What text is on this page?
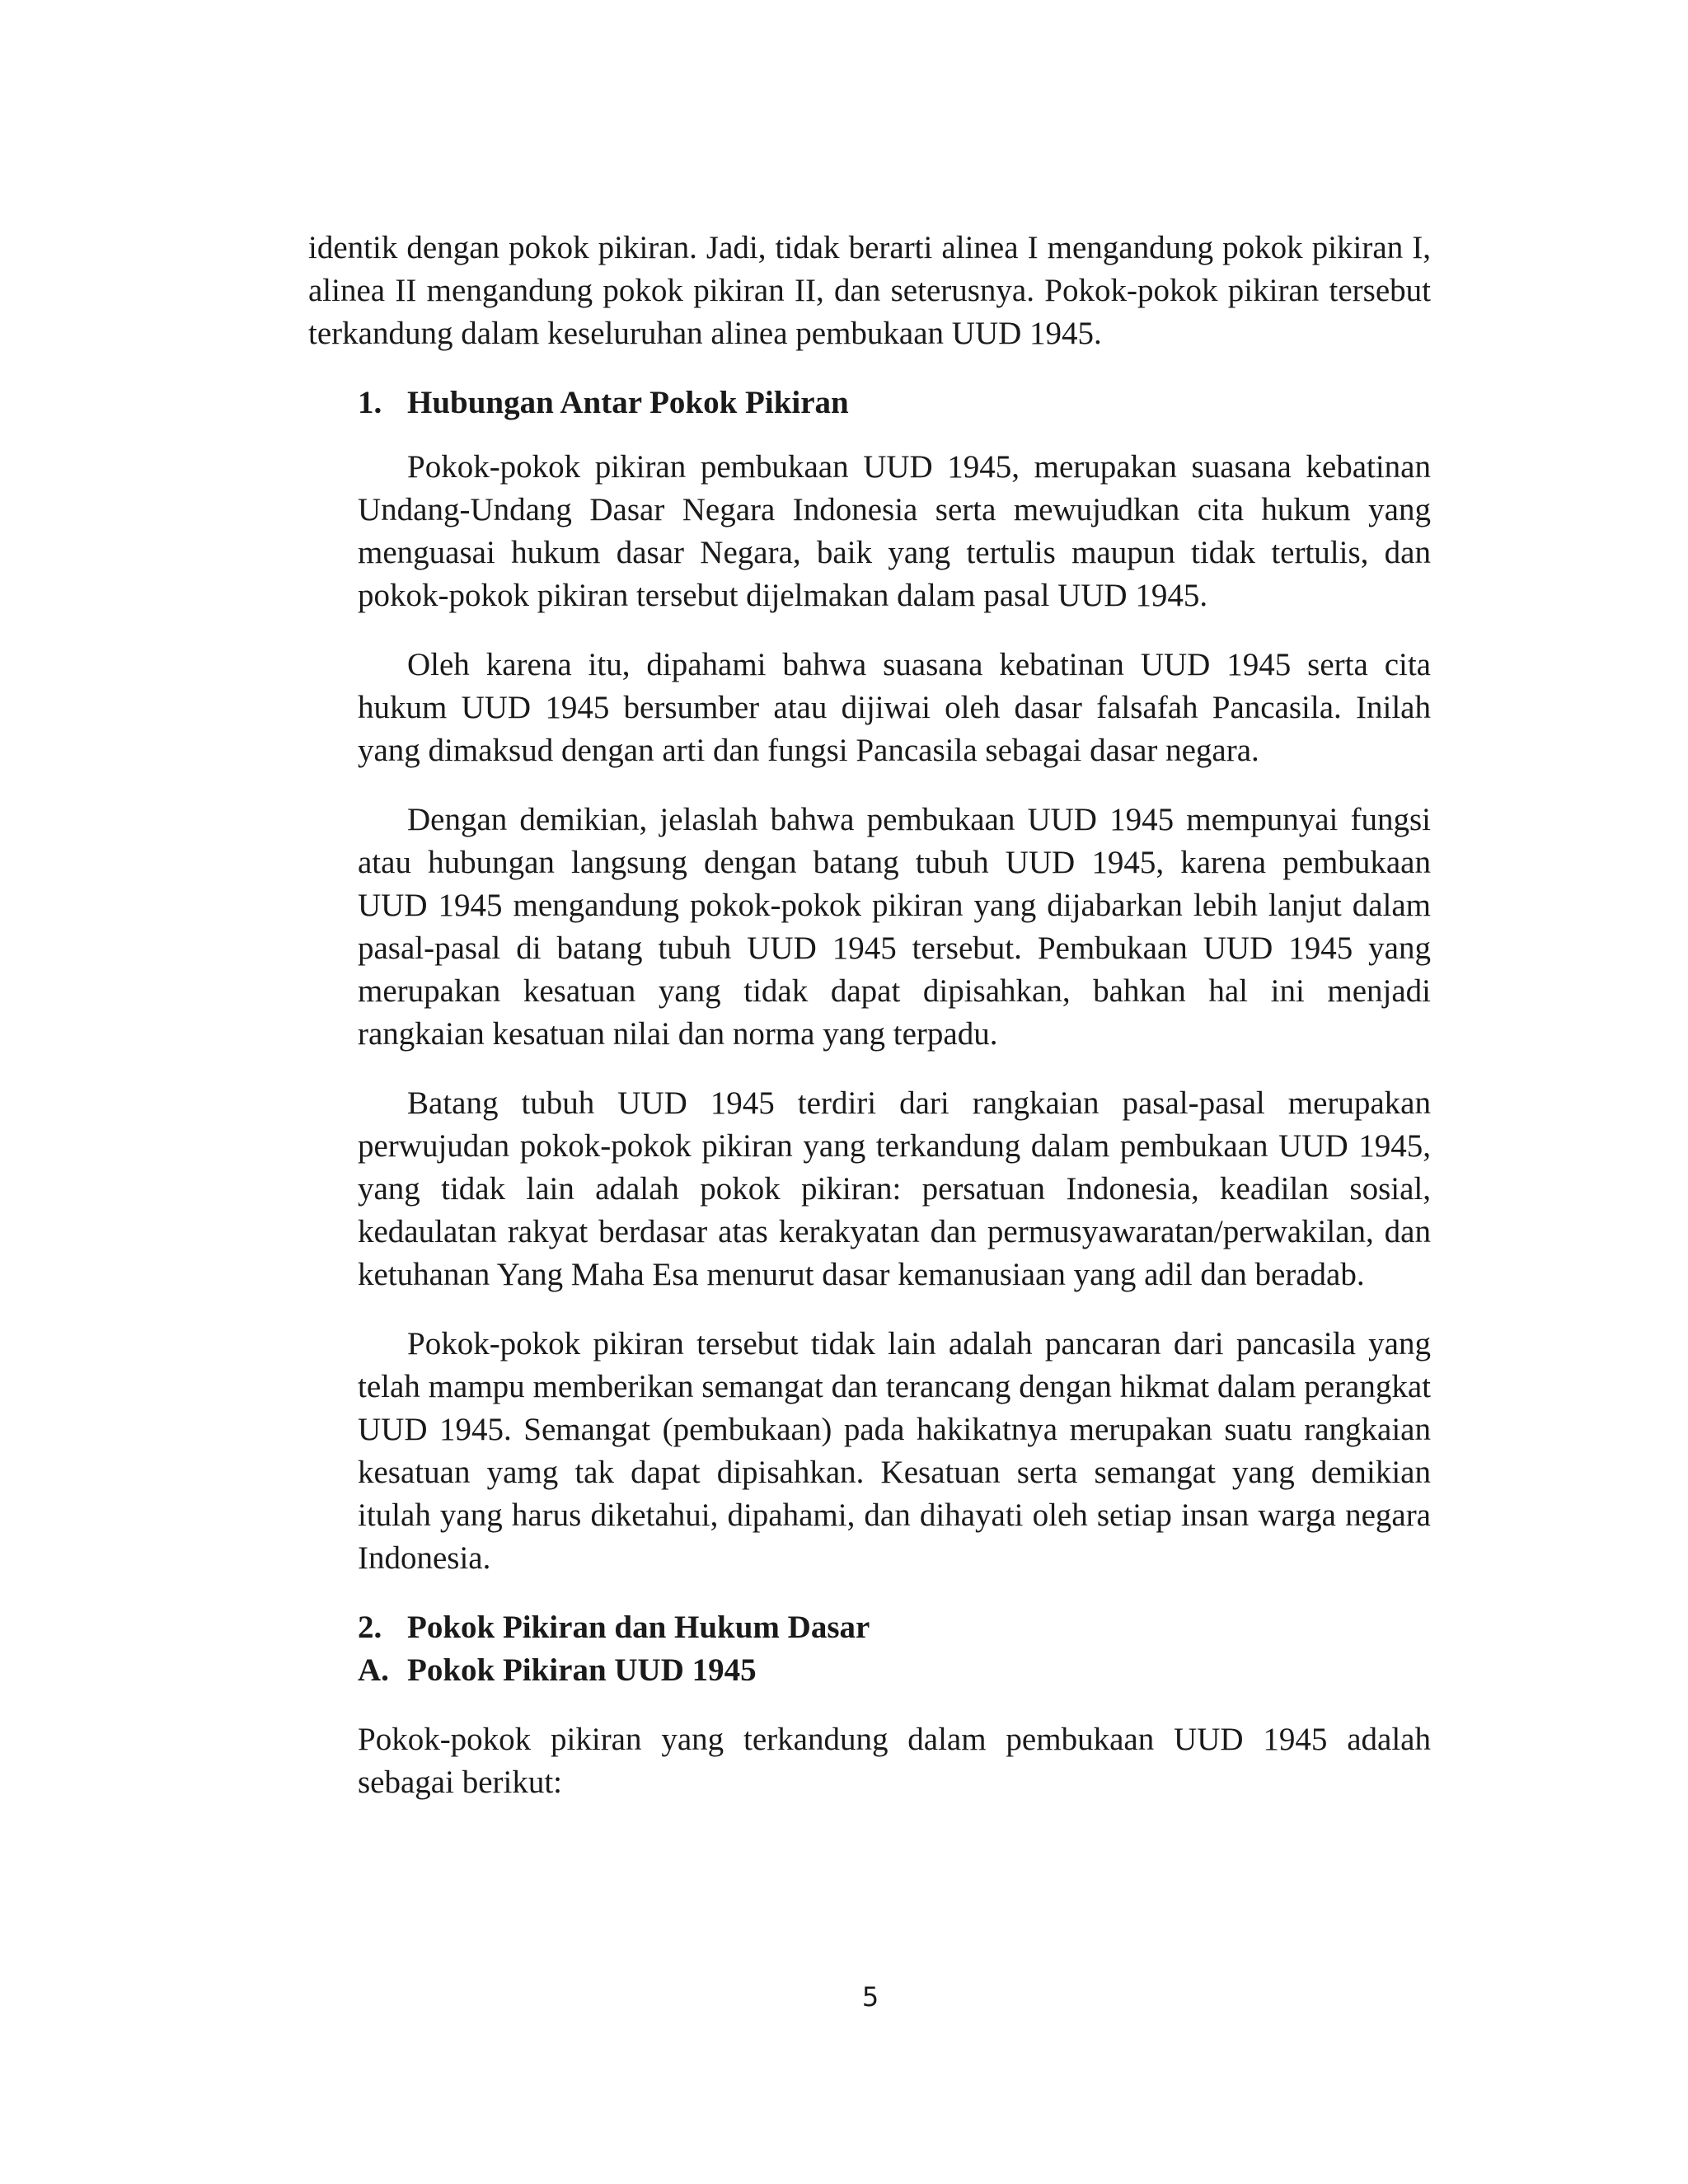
identik dengan pokok pikiran. Jadi, tidak berarti alinea I mengandung pokok pikiran I, alinea II mengandung pokok pikiran II, dan seterusnya. Pokok-pokok pikiran tersebut terkandung dalam keseluruhan alinea pembukaan UUD 1945.

1. Hubungan Antar Pokok Pikiran

Pokok-pokok pikiran pembukaan UUD 1945, merupakan suasana kebatinan Undang-Undang Dasar Negara Indonesia serta mewujudkan cita hukum yang menguasai hukum dasar Negara, baik yang tertulis maupun tidak tertulis, dan pokok-pokok pikiran tersebut dijelmakan dalam pasal UUD 1945.

Oleh karena itu, dipahami bahwa suasana kebatinan UUD 1945 serta cita hukum UUD 1945 bersumber atau dijiwai oleh dasar falsafah Pancasila. Inilah yang dimaksud dengan arti dan fungsi Pancasila sebagai dasar negara.

Dengan demikian, jelaslah bahwa pembukaan UUD 1945 mempunyai fungsi atau hubungan langsung dengan batang tubuh UUD 1945, karena pembukaan UUD 1945 mengandung pokok-pokok pikiran yang dijabarkan lebih lanjut dalam pasal-pasal di batang tubuh UUD 1945 tersebut. Pembukaan UUD 1945 yang merupakan kesatuan yang tidak dapat dipisahkan, bahkan hal ini menjadi rangkaian kesatuan nilai dan norma yang terpadu.

Batang tubuh UUD 1945 terdiri dari rangkaian pasal-pasal merupakan perwujudan pokok-pokok pikiran yang terkandung dalam pembukaan UUD 1945, yang tidak lain adalah pokok pikiran: persatuan Indonesia, keadilan sosial, kedaulatan rakyat berdasar atas kerakyatan dan permusyawaratan/perwakilan, dan ketuhanan Yang Maha Esa menurut dasar kemanusiaan yang adil dan beradab.

Pokok-pokok pikiran tersebut tidak lain adalah pancaran dari pancasila yang telah mampu memberikan semangat dan terancang dengan hikmat dalam perangkat UUD 1945. Semangat (pembukaan) pada hakikatnya merupakan suatu rangkaian kesatuan yamg tak dapat dipisahkan. Kesatuan serta semangat yang demikian itulah yang harus diketahui, dipahami, dan dihayati oleh setiap insan warga negara Indonesia.

2. Pokok Pikiran dan Hukum Dasar
A. Pokok Pikiran UUD 1945

Pokok-pokok pikiran yang terkandung dalam pembukaan UUD 1945 adalah sebagai berikut:

5
